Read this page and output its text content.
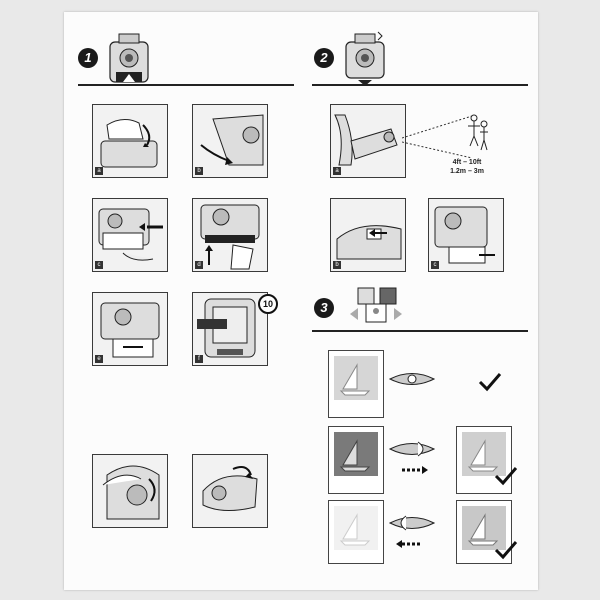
1	2
a	b
c	d
e	f
10
a
4ft – 10ft
1.2m – 3m
b	c
3
